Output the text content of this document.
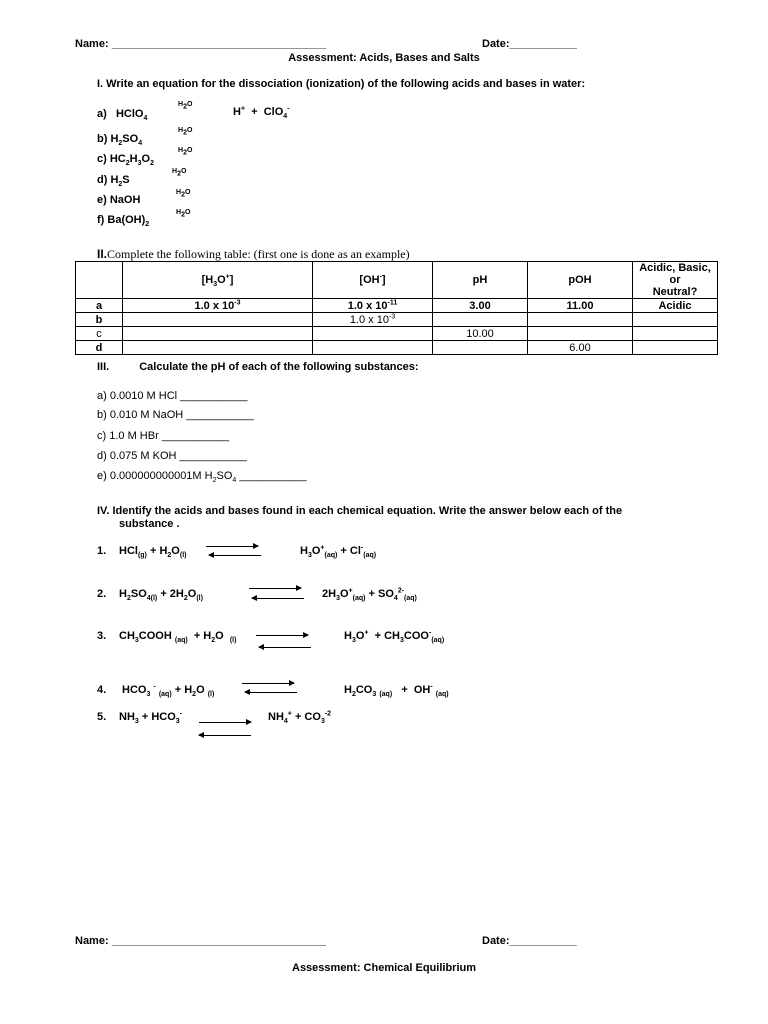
Name: ___________________________________	Date:___________
Assessment: Acids, Bases and Salts
I. Write an equation for the dissociation (ionization) of the following acids and bases in water:
a)   HClO$_4$
$H_2O$
H+  +  ClO$_4$-
b) $H_2SO_4$
$H_2O$
c) $HC_2H_3O_2$
$H_2O$
d) $H_2S$
$H_2O$
e) NaOH
$H_2O$
f) $Ba(OH)_2$
$H_2O$
II.Complete the following table: (first one is done as an example)
	$[H_3O^+]$	[OH-]	pH	pOH	Acidic, Basic, or
Neutral?
a	1.0 x $10^{-3}$	1.0 x $10^{-11}$	3.00	11.00	Acidic
b		1.0 x $10^{-3}$			
c			10.00		
d				6.00	
III.	Calculate the pH of each of the following substances:
a) 0.0010 M HCl ___________
b) 0.010 M NaOH ___________
c) 1.0 M HBr ___________
d) 0.075 M KOH ___________
e) 0.000000000001M $H_2SO_4$ ___________
IV. Identify the acids and bases found in each chemical equation. Write the answer below each of the
substance .
1. $HCl_{(g)} + H_2O_{(l)}$	$H_3O^+_{(aq)} + Cl^-_{(aq)}$
2. $H_2SO_{4(l)} + 2H_2O_{(l)}$	$2H_3O^+_{(aq)} + SO_4^{2-}_{(aq)}$
3. $CH_3COOH$ $_{(aq)} + H_2O$  $_{(l)}$	$H_3O^+ + CH_3COO^-_{(aq)}$
4. $HCO_3$ - $_{(aq)} + H_2O$ $_{(l)}$	$H_2CO_3$ $_{(aq)}$   +  OH- $_{(aq)}$
5. $NH_3 + HCO_3^-$	$NH_4^+ + CO_3^{-2}$
Name: ___________________________________	Date:___________
Assessment: Chemical Equilibrium
